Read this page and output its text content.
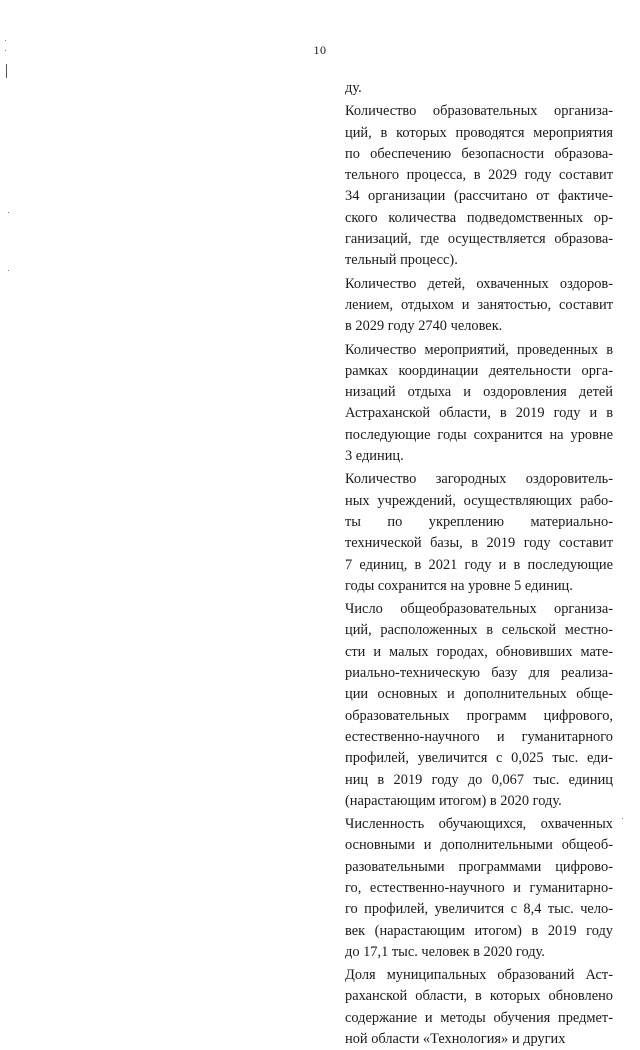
10
ду.
Количество образовательных организа-
ций, в которых проводятся мероприятия
по обеспечению безопасности образова-
тельного процесса, в 2029 году составит
34 организации (рассчитано от фактиче-
ского количества подведомственных ор-
ганизаций, где осуществляется образова-
тельный процесс).
Количество детей, охваченных оздоров-
лением, отдыхом и занятостью, составит
в 2029 году 2740 человек.
Количество мероприятий, проведенных в
рамках координации деятельности орга-
низаций отдыха и оздоровления детей
Астраханской области, в 2019 году и в
последующие годы сохранится на уровне
3 единиц.
Количество загородных оздоровитель-
ных учреждений, осуществляющих рабо-
ты по укреплению материально-
технической базы, в 2019 году составит
7 единиц, в 2021 году и в последующие
годы сохранится на уровне 5 единиц.
Число общеобразовательных организа-
ций, расположенных в сельской местно-
сти и малых городах, обновивших мате-
риально-техническую базу для реализа-
ции основных и дополнительных обще-
образовательных программ цифрового,
естественно-научного и гуманитарного
профилей, увеличится с 0,025 тыс. еди-
ниц в 2019 году до 0,067 тыс. единиц
(нарастающим итогом) в 2020 году.
Численность обучающихся, охваченных
основными и дополнительными общеоб-
разовательными программами цифрово-
го, естественно-научного и гуманитарно-
го профилей, увеличится с 8,4 тыс. чело-
век (нарастающим итогом) в 2019 году
до 17,1 тыс. человек в 2020 году.
Доля муниципальных образований Аст-
раханской области, в которых обновлено
содержание и методы обучения предмет-
ной области «Технология» и других
